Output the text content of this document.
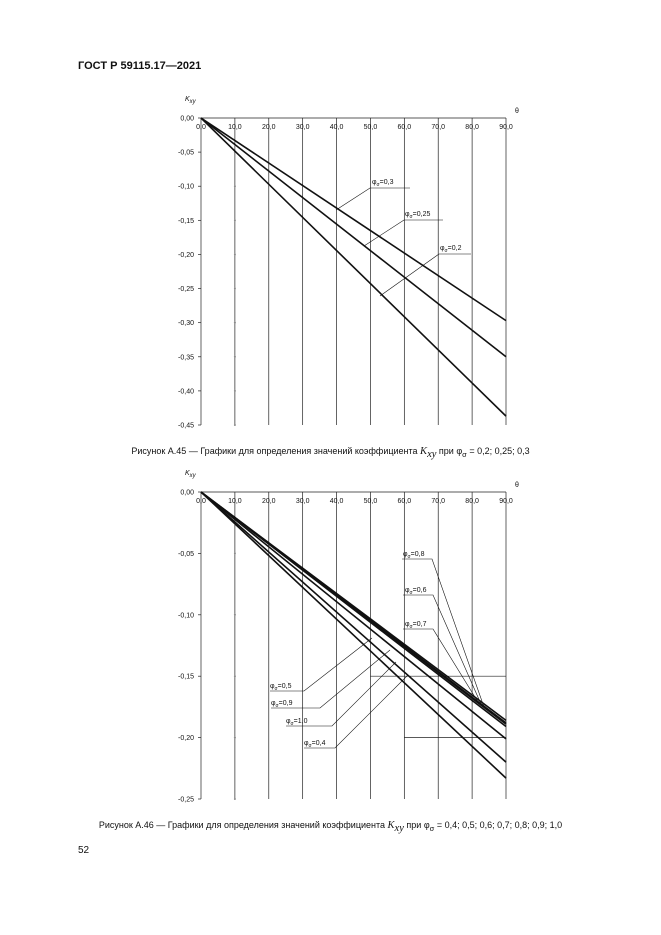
ГОСТ Р 59115.17—2021
0,0	10,0	20,0	30,0	40,0	50,0	60,0	70,0	80,0	90,0
0,00
-0,05
-0,10
-0,15
-0,20
-0,25
-0,30
-0,35
-0,40
-0,45
Kxy
θ
$\varphi_\sigma=0,3$
$\varphi_\sigma=0,25$
$\varphi_\sigma=0,2$
0,0	10,0	20,0	30,0	40,0	50,0	60,0	70,0	80,0	90,0
0,00
-0,05
-0,10
-0,15
-0,20
-0,25
Kxy
θ
$\varphi_\sigma=0,8$
$\varphi_\sigma=0,6$
$\varphi_\sigma=0,7$
$\varphi_\sigma=0,5$
$\varphi_\sigma=0,9$
$\varphi_\sigma=1,0$
$\varphi_\sigma=0,4$
Рисунок А.45 — Графики для определения значений коэффициента $K_{xy}$ при $\varphi_\sigma = 0,2$; 0,25; 0,3
Рисунок А.46 — Графики для определения значений коэффициента $K_{xy}$ при $\varphi_\sigma = 0,4$; 0,5; 0,6; 0,7; 0,8; 0,9; 1,0
52
